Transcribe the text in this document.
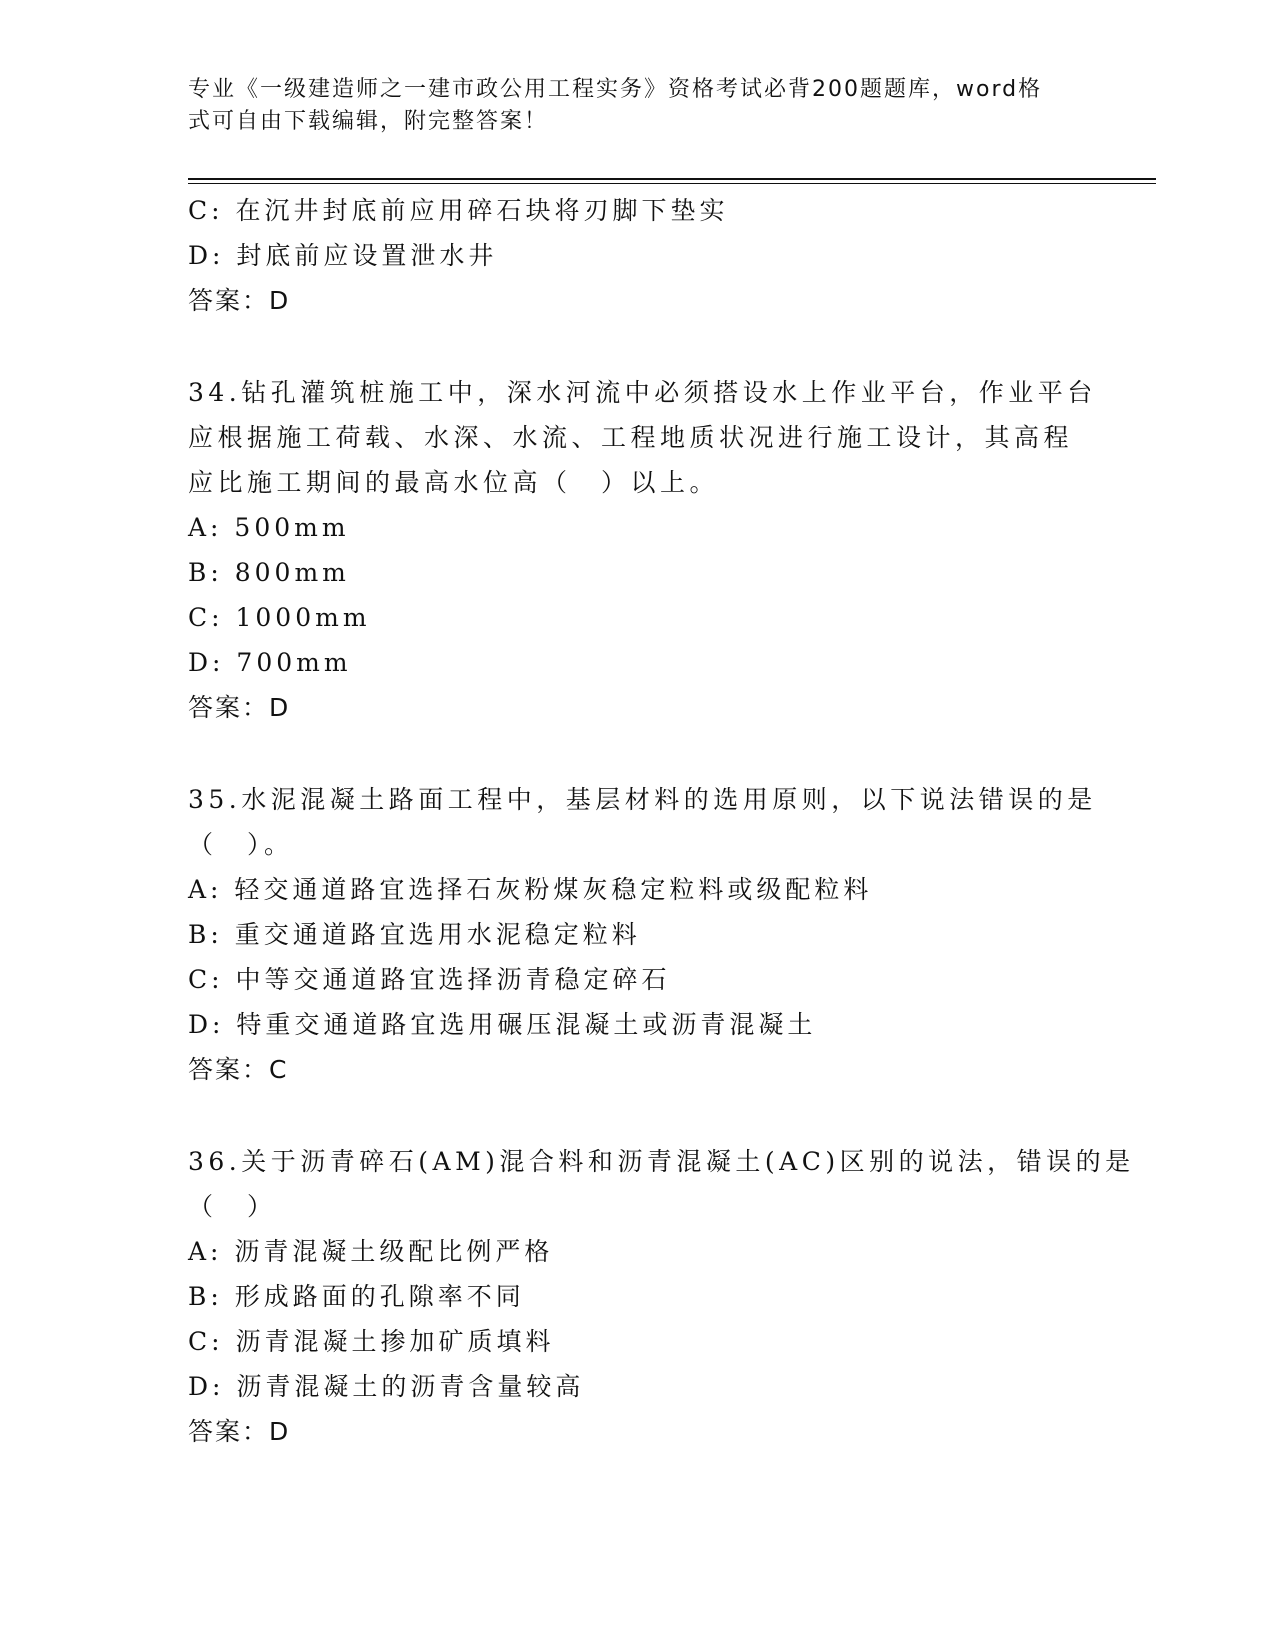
专业《一级建造师之一建市政公用工程实务》资格考试必背200题题库，word格
式可自由下载编辑，附完整答案！
C: 在沉井封底前应用碎石块将刃脚下垫实
D: 封底前应设置泄水井
答案：D
34.钻孔灌筑桩施工中，深水河流中必须搭设水上作业平台，作业平台
应根据施工荷载、水深、水流、工程地质状况进行施工设计，其高程
应比施工期间的最高水位高（　）以上。
A: 500mm
B: 800mm
C: 1000mm
D: 700mm
答案：D
35.水泥混凝土路面工程中，基层材料的选用原则，以下说法错误的是
（　）。
A: 轻交通道路宜选择石灰粉煤灰稳定粒料或级配粒料
B: 重交通道路宜选用水泥稳定粒料
C: 中等交通道路宜选择沥青稳定碎石
D: 特重交通道路宜选用碾压混凝土或沥青混凝土
答案：C
36.关于沥青碎石(AM)混合料和沥青混凝土(AC)区别的说法，错误的是
（　）
A: 沥青混凝土级配比例严格
B: 形成路面的孔隙率不同
C: 沥青混凝土掺加矿质填料
D: 沥青混凝土的沥青含量较高
答案：D
